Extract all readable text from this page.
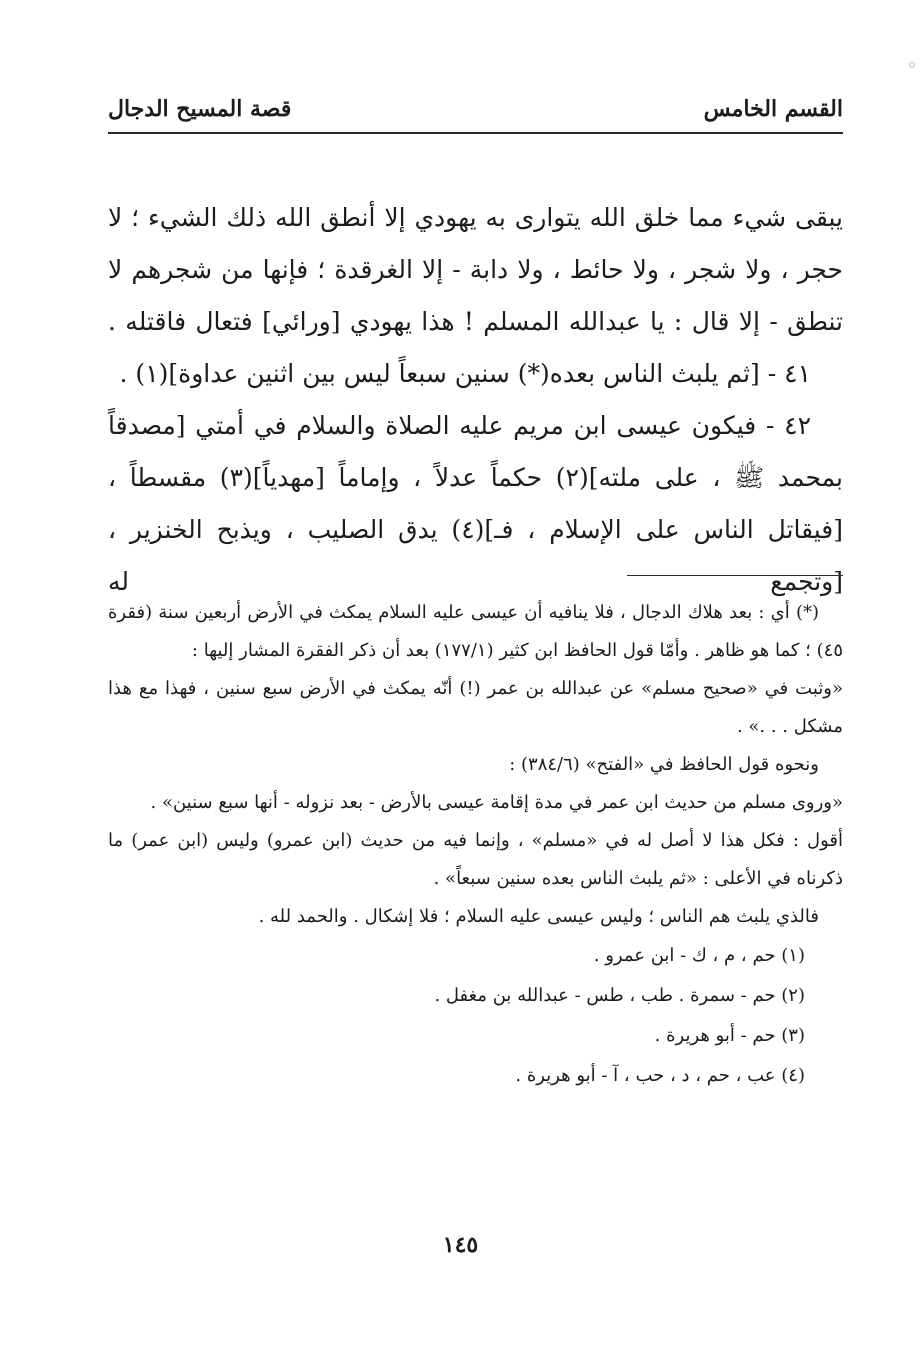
القسم الخامس
قصة المسيح الدجال

يبقى شيء مما خلق الله يتوارى به يهودي إلا أنطق الله ذلك الشيء ؛ لا حجر ، ولا شجر ، ولا حائط ، ولا دابة - إلا الغرقدة ؛ فإنها من شجرهم لا تنطق - إلا قال : يا عبدالله المسلم ! هذا يهودي [ورائي] فتعال فاقتله .

٤١ - [ثم يلبث الناس بعده(*) سنين سبعاً ليس بين اثنين عداوة](١) .

٤٢ - فيكون عيسى ابن مريم عليه الصلاة والسلام في أمتي [مصدقاً بمحمد ﷺ ، على ملته](٢) حكماً عدلاً ، وإماماً [مهدياً](٣) مقسطاً ، [فيقاتل الناس على الإسلام ، فـ](٤) يدق الصليب ، ويذبح الخنزير ، [وتجمع له

(*) أي : بعد هلاك الدجال ، فلا ينافيه أن عيسى عليه السلام يمكث في الأرض أربعين سنة (فقرة ٤٥) ؛ كما هو ظاهر . وأمّا قول الحافظ ابن كثير (١٧٧/١) بعد أن ذكر الفقرة المشار إليها :

«وثبت في «صحيح مسلم» عن عبدالله بن عمر (!) أنّه يمكث في الأرض سبع سنين ، فهذا مع هذا مشكل . . .» .

ونحوه قول الحافظ في «الفتح» (٣٨٤/٦) :

«وروى مسلم من حديث ابن عمر في مدة إقامة عيسى بالأرض - بعد نزوله - أنها سبع سنين» .

أقول : فكل هذا لا أصل له في «مسلم» ، وإنما فيه من حديث (ابن عمرو) وليس (ابن عمر) ما ذكرناه في الأعلى : «ثم يلبث الناس بعده سنين سبعاً» .

فالذي يلبث هم الناس ؛ وليس عيسى عليه السلام ؛ فلا إشكال . والحمد لله .

(١) حم ، م ، ك - ابن عمرو .

(٢) حم - سمرة . طب ، طس - عبدالله بن مغفل .

(٣) حم - أبو هريرة .

(٤) عب ، حم ، د ، حب ، آ - أبو هريرة .

١٤٥
